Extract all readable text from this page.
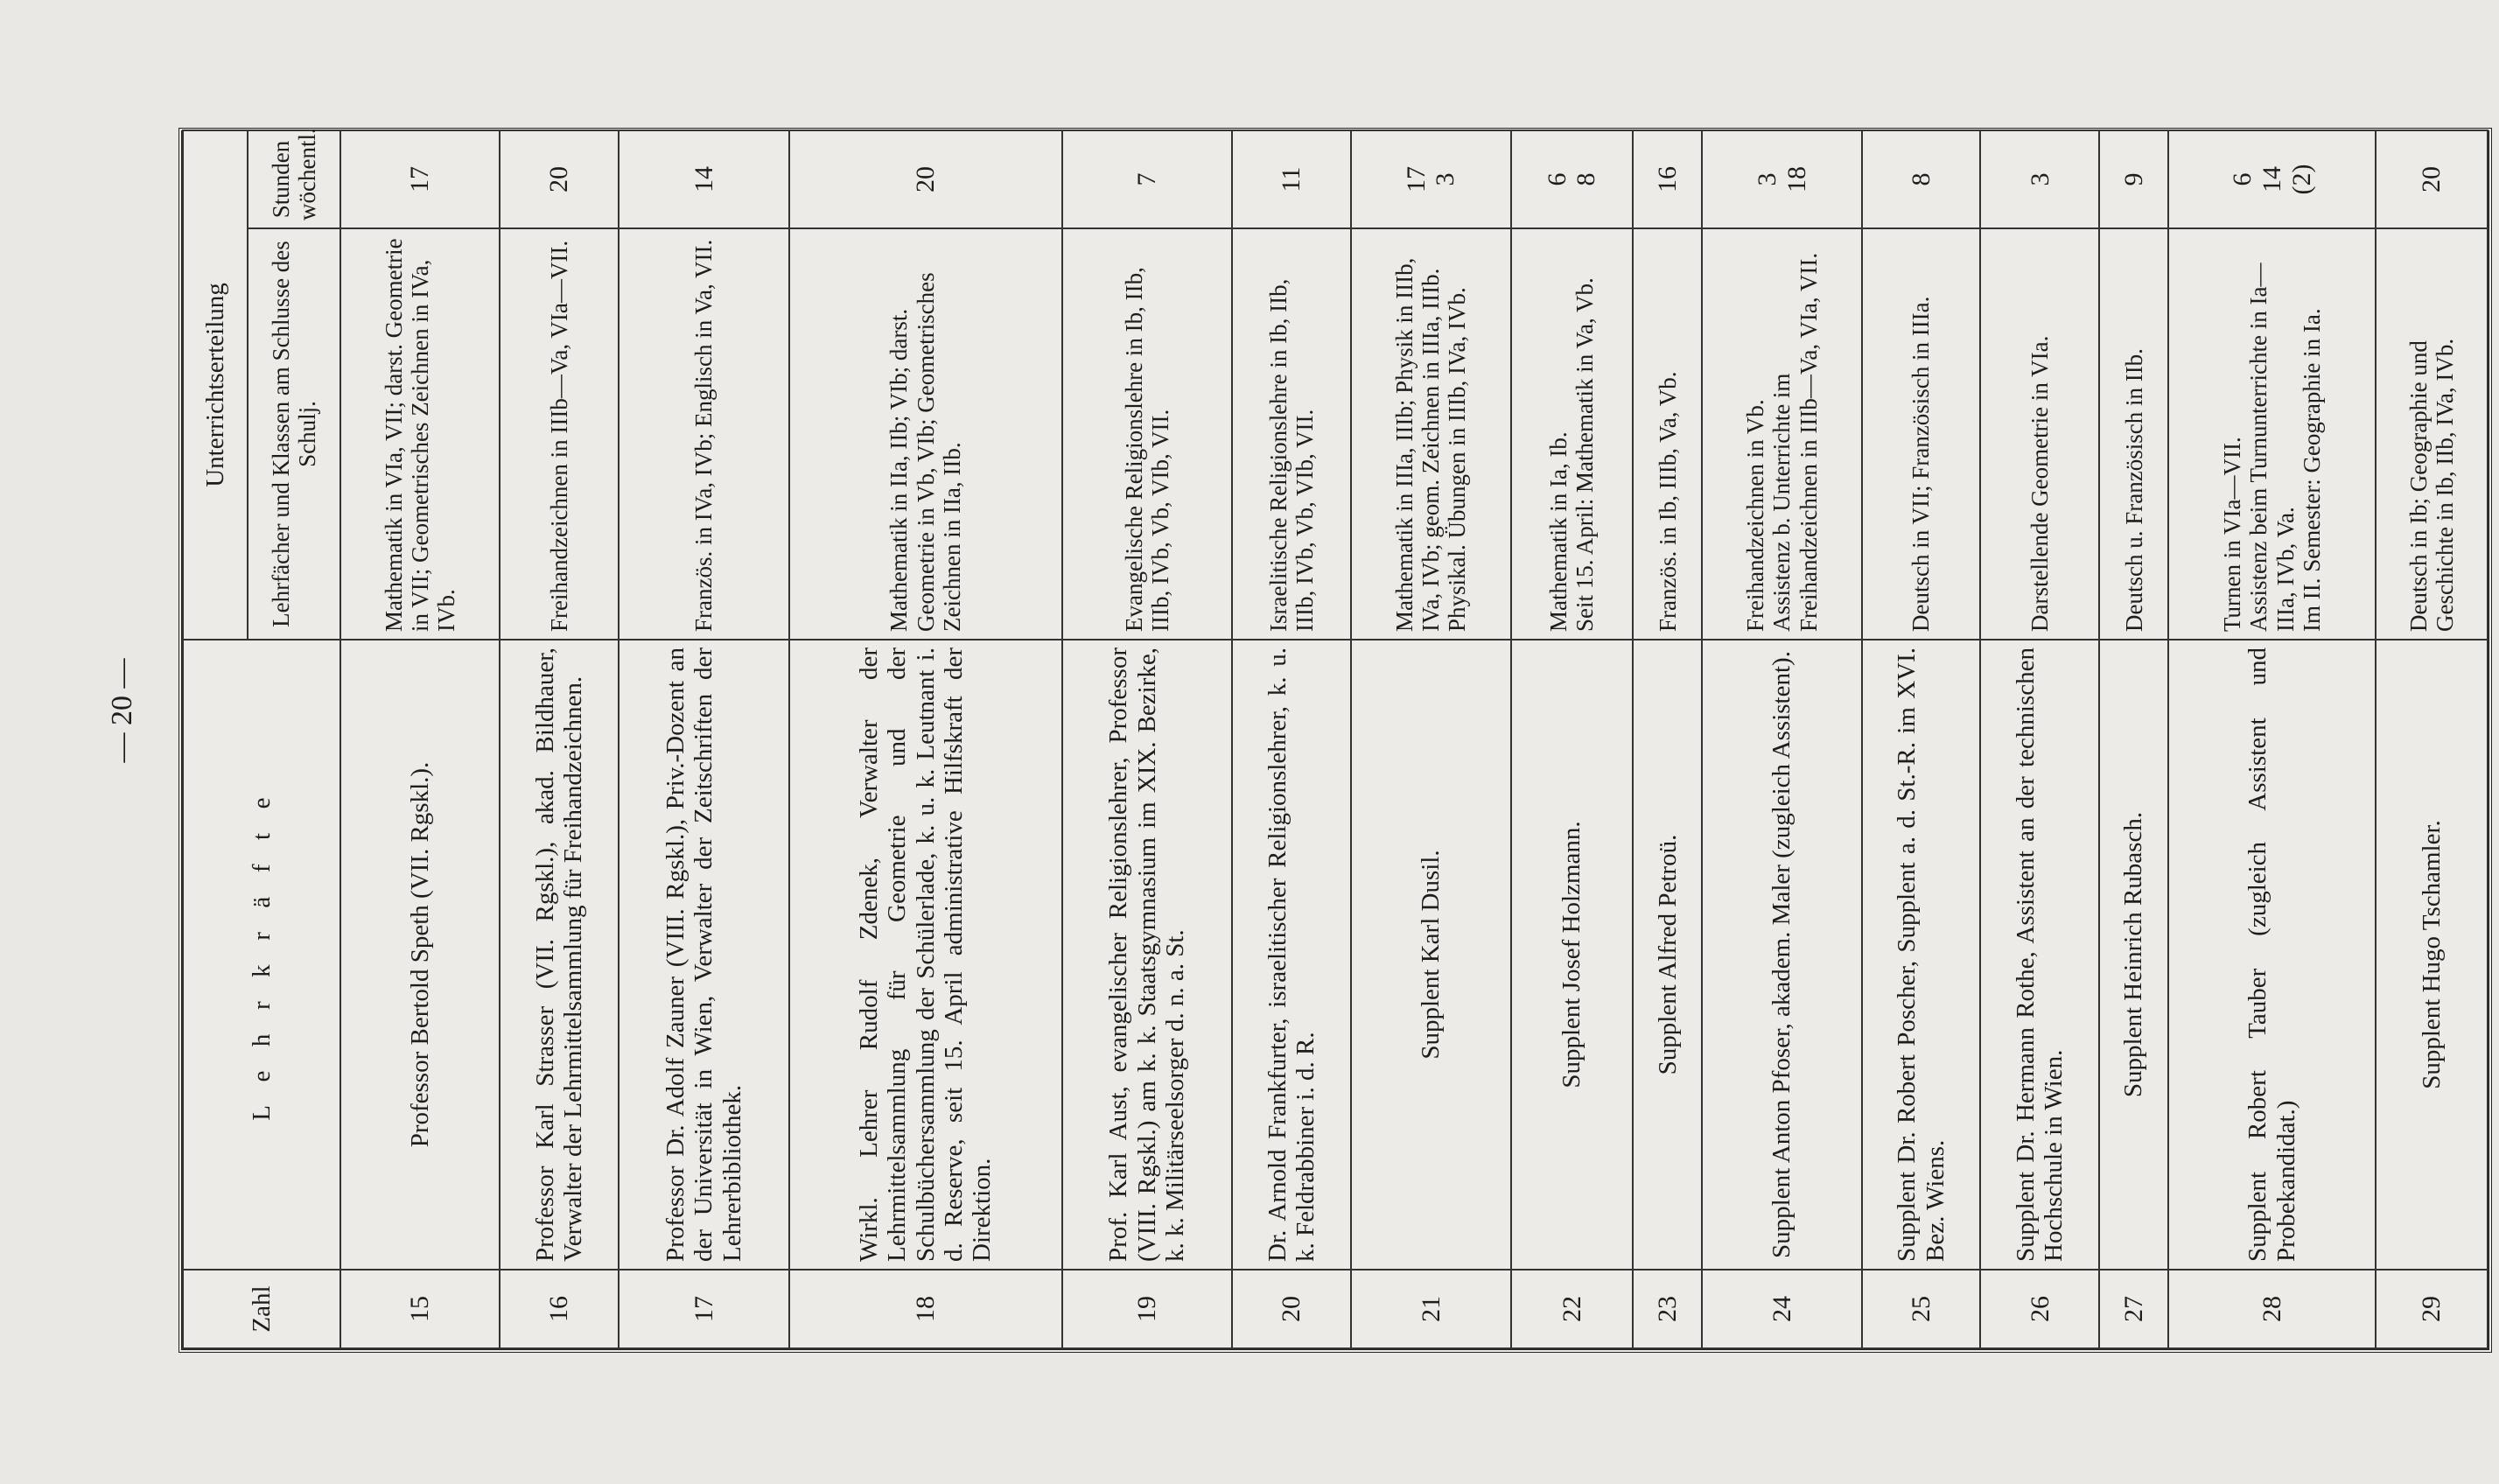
— 20 —
Zahl	L e h r k r ä f t e	Unterrichtserteilung	
		Lehrfächer und Klassen am Schlusse des Schulj.	Stunden wöchentl.
15	Professor Bertold Speth (VII. Rgskl.).	Mathematik in VIa, VII; darst. Geometrie in VII; Geometrisches Zeichnen in IVa, IVb.	17

16	Professor Karl Strasser (VII. Rgskl.), akad. Bildhauer, Verwalter der Lehrmittelsammlung für Freihandzeichnen.	Freihandzeichnen in IIIb—Va, VIa—VII.	20

17	Professor Dr. Adolf Zauner (VIII. Rgskl.), Priv.-Dozent an der Universität in Wien, Verwalter der Zeitschriften der Lehrerbibliothek.	Französ. in IVa, IVb; Englisch in Va, VII.	14

18	Wirkl. Lehrer Rudolf Zdenek, Verwalter der Lehrmittelsammlung für Geometrie und der Schulbüchersammlung der Schülerlade, k. u. k. Leutnant i. d. Reserve, seit 15. April administrative Hilfskraft der Direktion.	Mathematik in IIa, IIb; VIb; darst. Geometrie in Vb, VIb; Geometrisches Zeichnen in IIa, IIb.	20

19	Prof. Karl Aust, evangelischer Religionslehrer, Professor (VIII. Rgskl.) am k. k. Staatsgymnasium im XIX. Bezirke, k. k. Militärseelsorger d. n. a. St.	Evangelische Religionslehre in Ib, IIb, IIIb, IVb, Vb, VIb, VII.	7

20	Dr. Arnold Frankfurter, israelitischer Religionslehrer, k. u. k. Feldrabbiner i. d. R.	Israelitische Religionslehre in Ib, IIb, IIIb, IVb, Vb, VIb, VII.	11

21	Supplent Karl Dusil.	Mathematik in IIIa, IIIb; Physik in IIIb, IVa, IVb; geom. Zeichnen in IIIa, IIIb. Physikal. Übungen in IIIb, IVa, IVb.	17 3

22	Supplent Josef Holzmann.	Mathematik in Ia, Ib. Seit 15. April: Mathematik in Va, Vb.	6 8

23	Supplent Alfred Petroü.	Französ. in Ib, IIIb, Va, Vb.	16

24	Supplent Anton Pfoser, akadem. Maler (zugleich Assistent).	Freihandzeichnen in Vb. Assistenz b. Unterrichte im Freihandzeichnen in IIIb—Va, VIa, VII.	3 18

25	Supplent Dr. Robert Poscher, Supplent a. d. St.-R. im XVI. Bez. Wiens.	Deutsch in VII; Französisch in IIIa.	8

26	Supplent Dr. Hermann Rothe, Assistent an der technischen Hochschule in Wien.	Darstellende Geometrie in VIa.	3

27	Supplent Heinrich Rubasch.	Deutsch u. Französisch in IIb.	9

28	Supplent Robert Tauber (zugleich Assistent und Probekandidat.)	Turnen in VIa—VII. Assistenz beim Turnunterrichte in Ia—IIIa, IVb, Va. Im II. Semester: Geographie in Ia.	6 14 (2)

29	Supplent Hugo Tschamler.	Deutsch in Ib; Geographie und Geschichte in Ib, IIb, IVa, IVb.	20
